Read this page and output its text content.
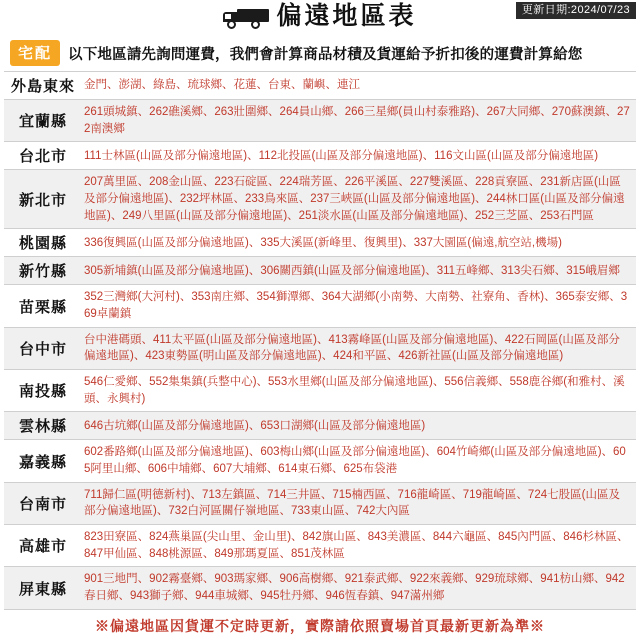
更新日期:2024/07/23
偏遠地區表
宅配	以下地區請先詢問運費，我們會計算商品材積及貨運給予折扣後的運費計算給您
外島東來	金門、澎湖、綠島、琉球鄉、花蓮、台東、蘭嶼、連江
宜蘭縣	261頭城鎮、262礁溪鄉、263壯圍鄉、264員山鄉、266三星鄉(員山村泰雅路)、267大同鄉、270蘇澳鎮、272南澳鄉
台北市	111士林區(山區及部分偏遠地區)、112北投區(山區及部分偏遠地區)、116文山區(山區及部分偏遠地區)
新北市	207萬里區、208金山區、223石碇區、224瑞芳區、226平溪區、227雙溪區、228貢寮區、231新店區(山區及部分偏遠地區)、232坪林區、233鳥來區、237三峽區(山區及部分偏遠地區)、244林口區(山區及部分偏遠地區)、249八里區(山區及部分偏遠地區)、251淡水區(山區及部分偏遠地區)、252三芝區、253石門區
桃園縣	336復興區(山區及部分偏遠地區)、335大溪區(新峰里、復興里)、337大園區(偏遠,航空站,機場)
新竹縣	305新埔鎮(山區及部分偏遠地區)、306關西鎮(山區及部分偏遠地區)、311五峰鄉、313尖石鄉、315峨眉鄉
苗栗縣	352三灣鄉(大河村)、353南庄鄉、354獅潭鄉、364大湖鄉(小南勢、大南勢、社寮角、香林)、365泰安鄉、369卓蘭鎮
台中市	台中港碼頭、411太平區(山區及部分偏遠地區)、413霧峰區(山區及部分偏遠地區)、422石岡區(山區及部分偏遠地區)、423東勢區(明山區及部分偏遠地區)、424和平區、426新社區(山區及部分偏遠地區)
南投縣	546仁愛鄉、552集集鎮(兵整中心)、553水里鄉(山區及部分偏遠地區)、556信義鄉、558鹿谷鄉(和雅村、溪頭、永興村)
雲林縣	646古坑鄉(山區及部分偏遠地區)、653口湖鄉(山區及部分偏遠地區)
嘉義縣	602番路鄉(山區及部分偏遠地區)、603梅山鄉(山區及部分偏遠地區)、604竹崎鄉(山區及部分偏遠地區)、605阿里山鄉、606中埔鄉、607大埔鄉、614東石鄉、625布袋港
台南市	711歸仁區(明德新村)、713左鎮區、714三井區、715楠西區、716龍崎區、719龍崎區、724七股區(山區及部分偏遠地區)、732白河區關仔嶺地區、733東山區、742大內區
高雄市	823田寮區、824燕巢區(尖山里、金山里)、842旗山區、843美濃區、844六龜區、845內門區、846杉林區、847甲仙區、848桃源區、849那瑪夏區、851茂林區
屏東縣	901三地門、902霧臺鄉、903瑪家鄉、906高樹鄉、921泰武鄉、922來義鄉、929琉球鄉、941枋山鄉、942春日鄉、943獅子鄉、944車城鄉、945牡丹鄉、946恆春鎮、947滿州鄉
※偏遠地區因貨運不定時更新，實際請依照賣場首頁最新更新為準※
